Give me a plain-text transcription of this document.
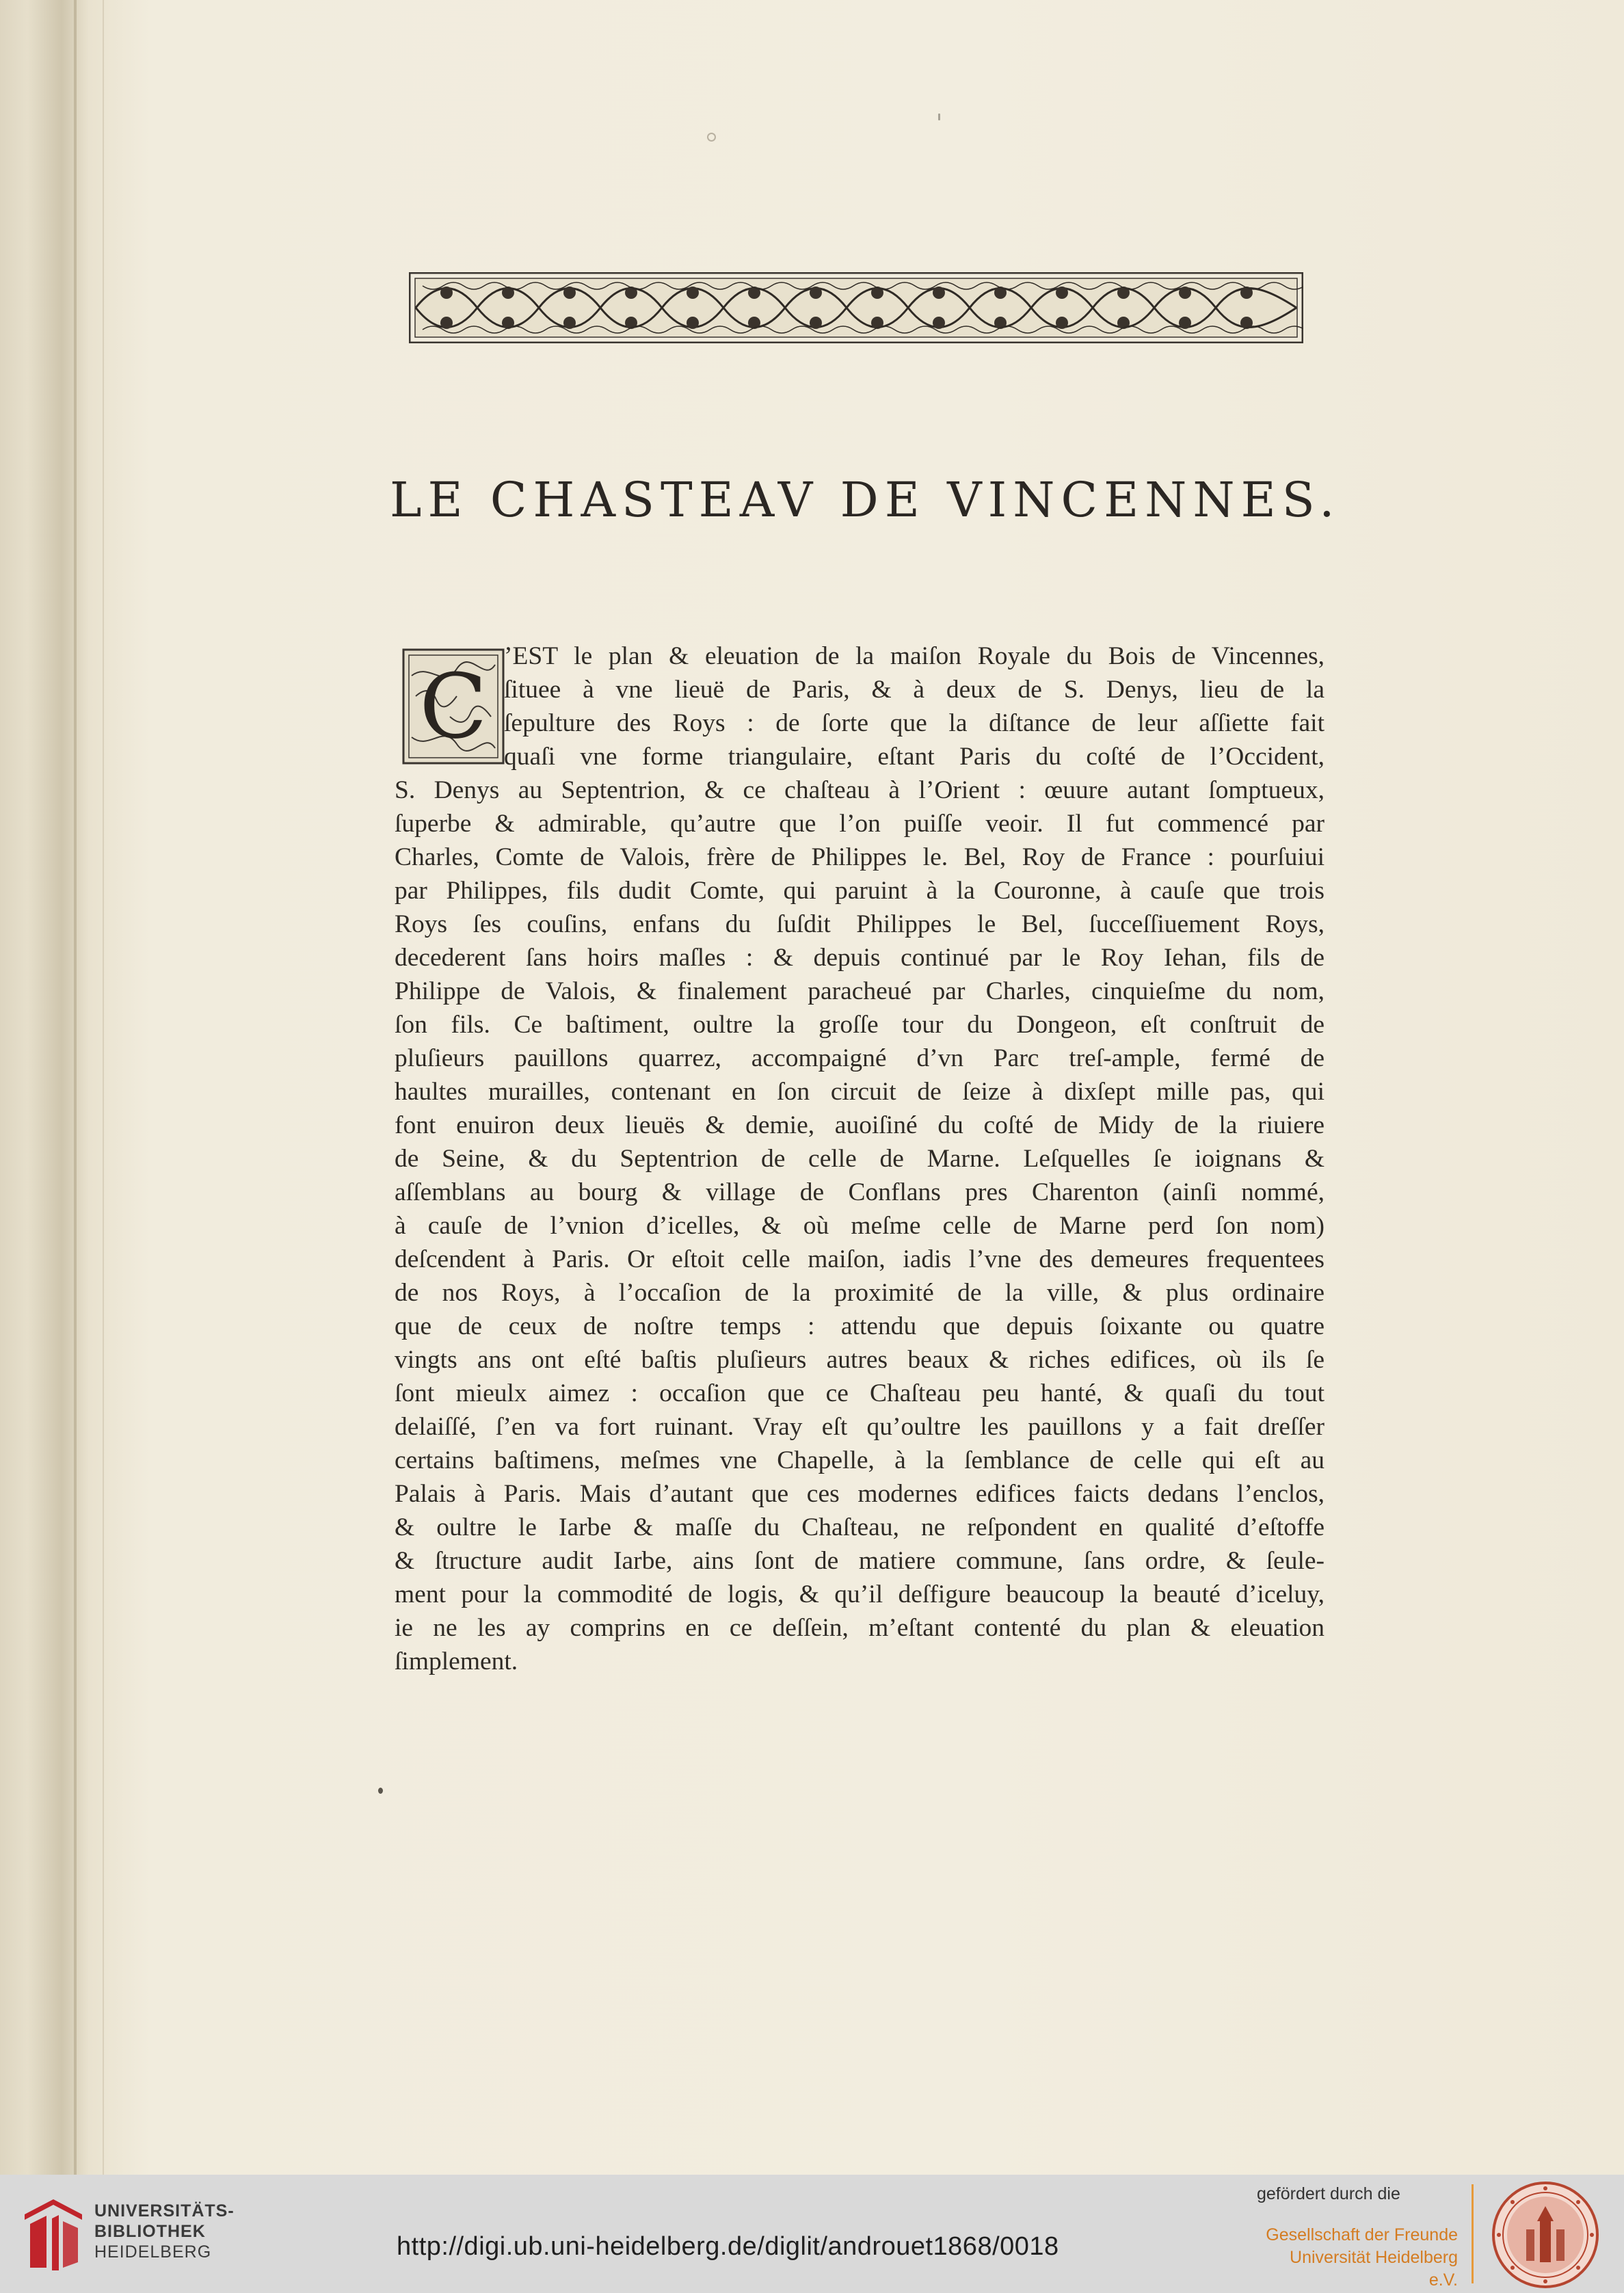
LE CHASTEAV DE VINCENNES.
C ’EST le plan & eleuation de la maiſon Royale du Bois de Vincennes,
ſituee à vne lieuë de Paris, & à deux de S. Denys, lieu de la
ſepulture des Roys : de ſorte que la diſtance de leur aſſiette fait
quaſi vne forme triangulaire, eſtant Paris du coſté de l’Occident,
S. Denys au Septentrion, & ce chaſteau à l’Orient : œuure autant ſomptueux,
ſuperbe & admirable, qu’autre que l’on puiſſe veoir. Il fut commencé par
Charles, Comte de Valois, frère de Philippes le. Bel, Roy de France : pourſuiui
par Philippes, fils dudit Comte, qui paruint à la Couronne, à cauſe que trois
Roys ſes couſins, enfans du ſuſdit Philippes le Bel, ſucceſſiuement Roys,
decederent ſans hoirs maſles : & depuis continué par le Roy Iehan, fils de
Philippe de Valois, & finalement paracheué par Charles, cinquieſme du nom,
ſon fils. Ce baſtiment, oultre la groſſe tour du Dongeon, eſt conſtruit de
pluſieurs pauillons quarrez, accompaigné d’vn Parc treſ-ample, fermé de
haultes murailles, contenant en ſon circuit de ſeize à dixſept mille pas, qui
font enuiron deux lieuës & demie, auoiſiné du coſté de Midy de la riuiere
de Seine, & du Septentrion de celle de Marne. Leſquelles ſe ioignans &
aſſemblans au bourg & village de Conflans pres Charenton (ainſi nommé,
à cauſe de l’vnion d’icelles, & où meſme celle de Marne perd ſon nom)
deſcendent à Paris. Or eſtoit celle maiſon, iadis l’vne des demeures frequentees
de nos Roys, à l’occaſion de la proximité de la ville, & plus ordinaire
que de ceux de noſtre temps : attendu que depuis ſoixante ou quatre
vingts ans ont eſté baſtis pluſieurs autres beaux & riches edifices, où ils ſe
ſont mieulx aimez : occaſion que ce Chaſteau peu hanté, & quaſi du tout
delaiſſé, ſ’en va fort ruinant. Vray eſt qu’oultre les pauillons y a fait dreſſer
certains baſtimens, meſmes vne Chapelle, à la ſemblance de celle qui eſt au
Palais à Paris. Mais d’autant que ces modernes edifices faicts dedans l’enclos,
& oultre le Iarbe & maſſe du Chaſteau, ne reſpondent en qualité d’eſtoffe
& ſtructure audit Iarbe, ains ſont de matiere commune, ſans ordre, & ſeule-
ment pour la commodité de logis, & qu’il deſfigure beaucoup la beauté d’iceluy,
ie ne les ay comprins en ce deſſein, m’eſtant contenté du plan & eleuation
ſimplement.
UNIVERSITÄTS-
BIBLIOTHEK
HEIDELBERG	http://digi.ub.uni-heidelberg.de/diglit/androuet1868/0018
gefördert durch die
Gesellschaft der Freunde
Universität Heidelberg e.V.
